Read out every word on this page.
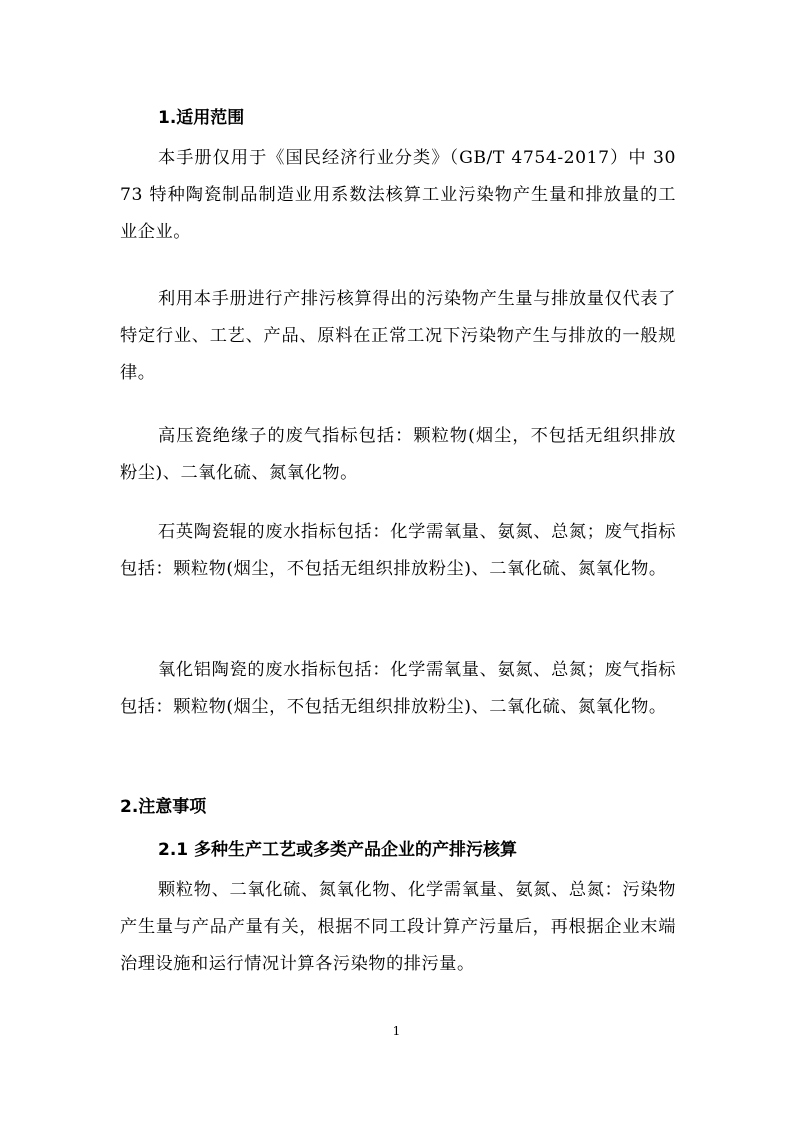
1.适用范围

本手册仅用于《国民经济行业分类》（GB/T 4754-2017）中 3073 特种陶瓷制品制造业用系数法核算工业污染物产生量和排放量的工业企业。

利用本手册进行产排污核算得出的污染物产生量与排放量仅代表了特定行业、工艺、产品、原料在正常工况下污染物产生与排放的一般规律。

高压瓷绝缘子的废气指标包括：颗粒物(烟尘，不包括无组织排放粉尘)、二氧化硫、氮氧化物。

石英陶瓷辊的废水指标包括：化学需氧量、氨氮、总氮；废气指标包括：颗粒物(烟尘，不包括无组织排放粉尘)、二氧化硫、氮氧化物。

氧化铝陶瓷的废水指标包括：化学需氧量、氨氮、总氮；废气指标包括：颗粒物(烟尘，不包括无组织排放粉尘)、二氧化硫、氮氧化物。

2.注意事项
2.1 多种生产工艺或多类产品企业的产排污核算

颗粒物、二氧化硫、氮氧化物、化学需氧量、氨氮、总氮：污染物产生量与产品产量有关，根据不同工段计算产污量后，再根据企业末端治理设施和运行情况计算各污染物的排污量。

1
